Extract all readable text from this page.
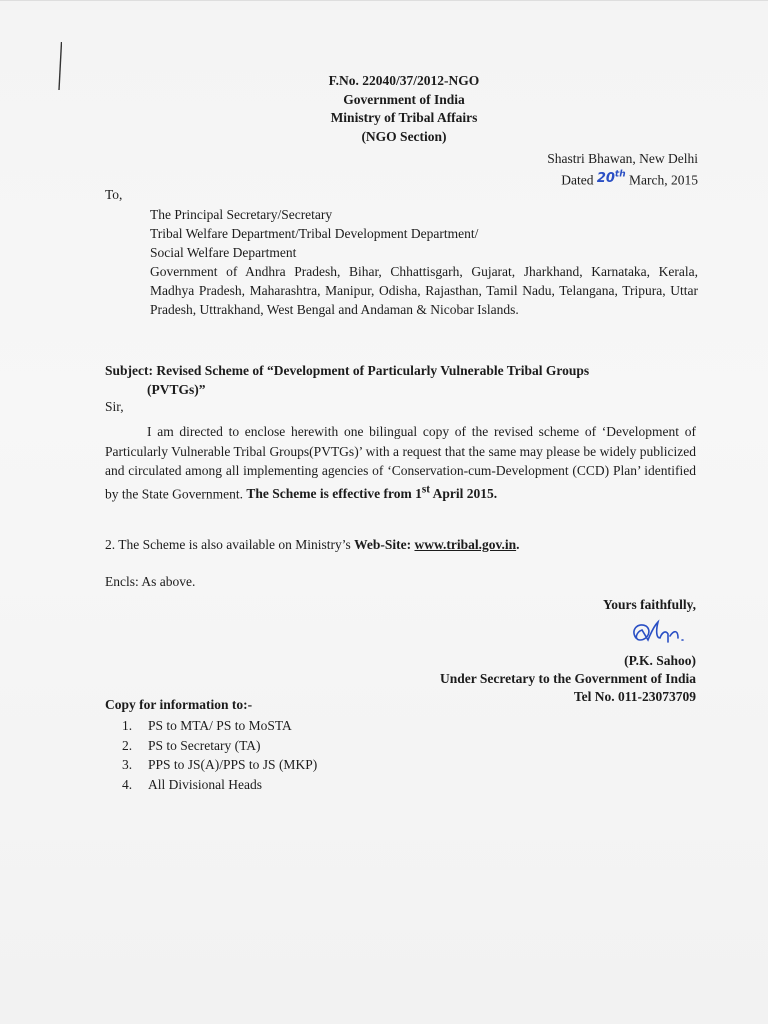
F.No. 22040/37/2012-NGO
Government of India
Ministry of Tribal Affairs
(NGO Section)
Shastri Bhawan, New Delhi
Dated 20th March, 2015
To,
The Principal Secretary/Secretary
Tribal Welfare Department/Tribal Development Department/
Social Welfare Department
Government of Andhra Pradesh, Bihar, Chhattisgarh, Gujarat, Jharkhand, Karnataka, Kerala, Madhya Pradesh, Maharashtra, Manipur, Odisha, Rajasthan, Tamil Nadu, Telangana, Tripura, Uttar Pradesh, Uttrakhand, West Bengal and Andaman & Nicobar Islands.
Subject: Revised Scheme of “Development of Particularly Vulnerable Tribal Groups
(PVTGs)”
Sir,
I am directed to enclose herewith one bilingual copy of the revised scheme of ‘Development of Particularly Vulnerable Tribal Groups(PVTGs)’ with a request that the same may please be widely publicized and circulated among all implementing agencies of ‘Conservation-cum-Development (CCD) Plan’ identified by the State Government. The Scheme is effective from 1st April 2015.
2. The Scheme is also available on Ministry’s Web-Site: www.tribal.gov.in.
Encls: As above.
Yours faithfully,
(P.K. Sahoo)
Under Secretary to the Government of India
Tel No. 011-23073709
Copy for information to:-
1.	PS to MTA/ PS to MoSTA
2.	PS to Secretary (TA)
3.	PPS to JS(A)/PPS to JS (MKP)
4.	All Divisional Heads
